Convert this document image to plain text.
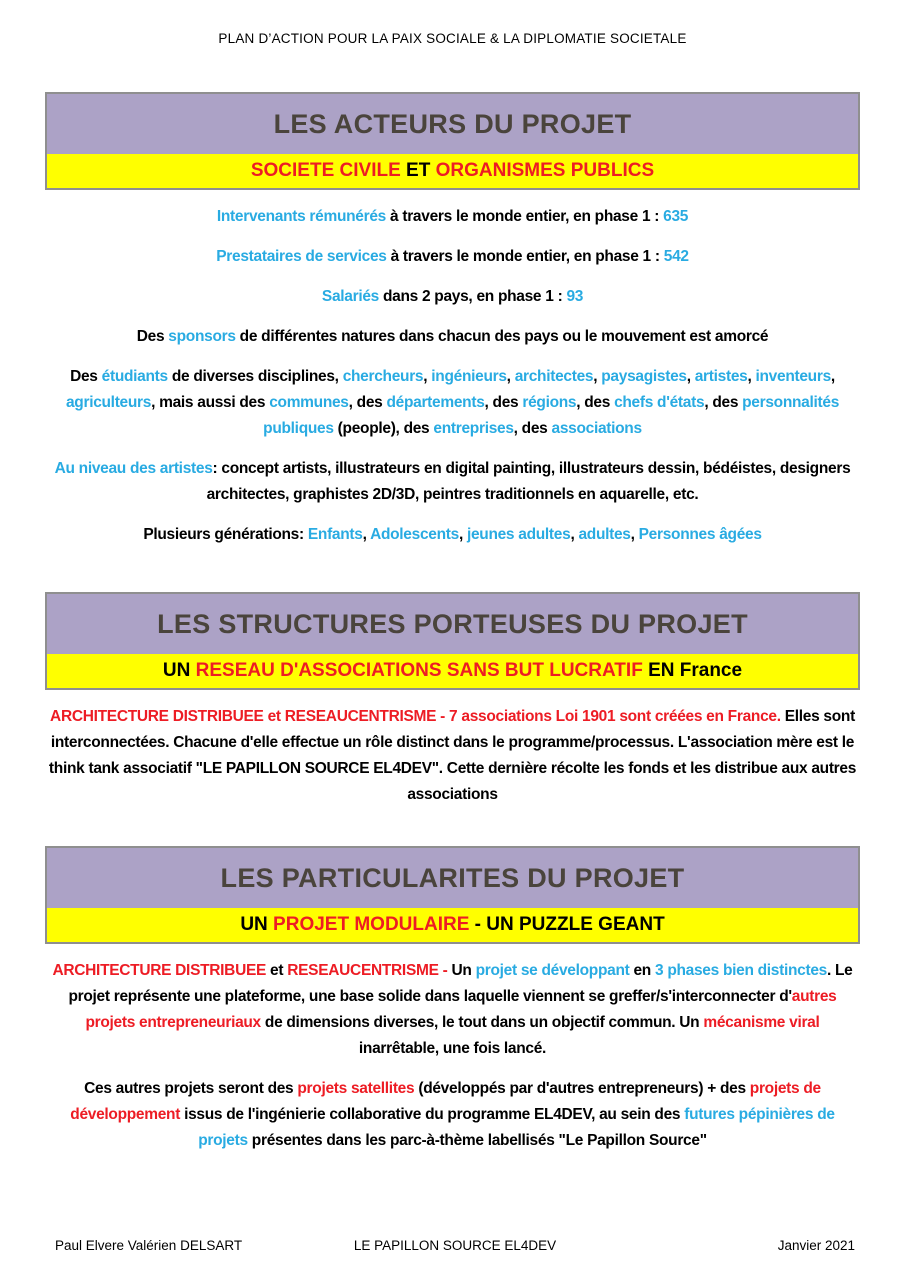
PLAN D’ACTION POUR LA PAIX SOCIALE & LA DIPLOMATIE SOCIETALE
LES ACTEURS DU PROJET
SOCIETE CIVILE ET ORGANISMES PUBLICS

Intervenants rémunérés à travers le monde entier, en phase 1 : 635

Prestataires de services à travers le monde entier, en phase 1 : 542

Salariés dans 2 pays, en phase 1 : 93

Des sponsors de différentes natures dans chacun des pays ou le mouvement est amorcé

Des étudiants de diverses disciplines, chercheurs, ingénieurs, architectes, paysagistes, artistes, inventeurs, agriculteurs, mais aussi des communes, des départements, des régions, des chefs d'états, des personnalités publiques (people), des entreprises, des associations

Au niveau des artistes: concept artists, illustrateurs en digital painting, illustrateurs dessin, bédéistes, designers architectes, graphistes 2D/3D, peintres traditionnels en aquarelle, etc.

Plusieurs générations: Enfants, Adolescents, jeunes adultes, adultes, Personnes âgées

LES STRUCTURES PORTEUSES DU PROJET
UN RESEAU D'ASSOCIATIONS SANS BUT LUCRATIF EN France

ARCHITECTURE DISTRIBUEE et RESEAUCENTRISME - 7 associations Loi 1901 sont créées en France. Elles sont interconnectées. Chacune d'elle effectue un rôle distinct dans le programme/processus. L'association mère est le think tank associatif "LE PAPILLON SOURCE EL4DEV". Cette dernière récolte les fonds et les distribue aux autres associations

LES PARTICULARITES DU PROJET
UN PROJET MODULAIRE - UN PUZZLE GEANT

ARCHITECTURE DISTRIBUEE et RESEAUCENTRISME - Un projet se développant en 3 phases bien distinctes. Le projet représente une plateforme, une base solide dans laquelle viennent se greffer/s'interconnecter d'autres projets entrepreneuriaux de dimensions diverses, le tout dans un objectif commun. Un mécanisme viral inarrêtable, une fois lancé.

Ces autres projets seront des projets satellites (développés par d'autres entrepreneurs) + des projets de développement issus de l'ingénierie collaborative du programme EL4DEV, au sein des futures pépinières de projets présentes dans les parc-à-thème labellisés "Le Papillon Source"

Paul Elvere Valérien DELSART	LE PAPILLON SOURCE EL4DEV	Janvier 2021
